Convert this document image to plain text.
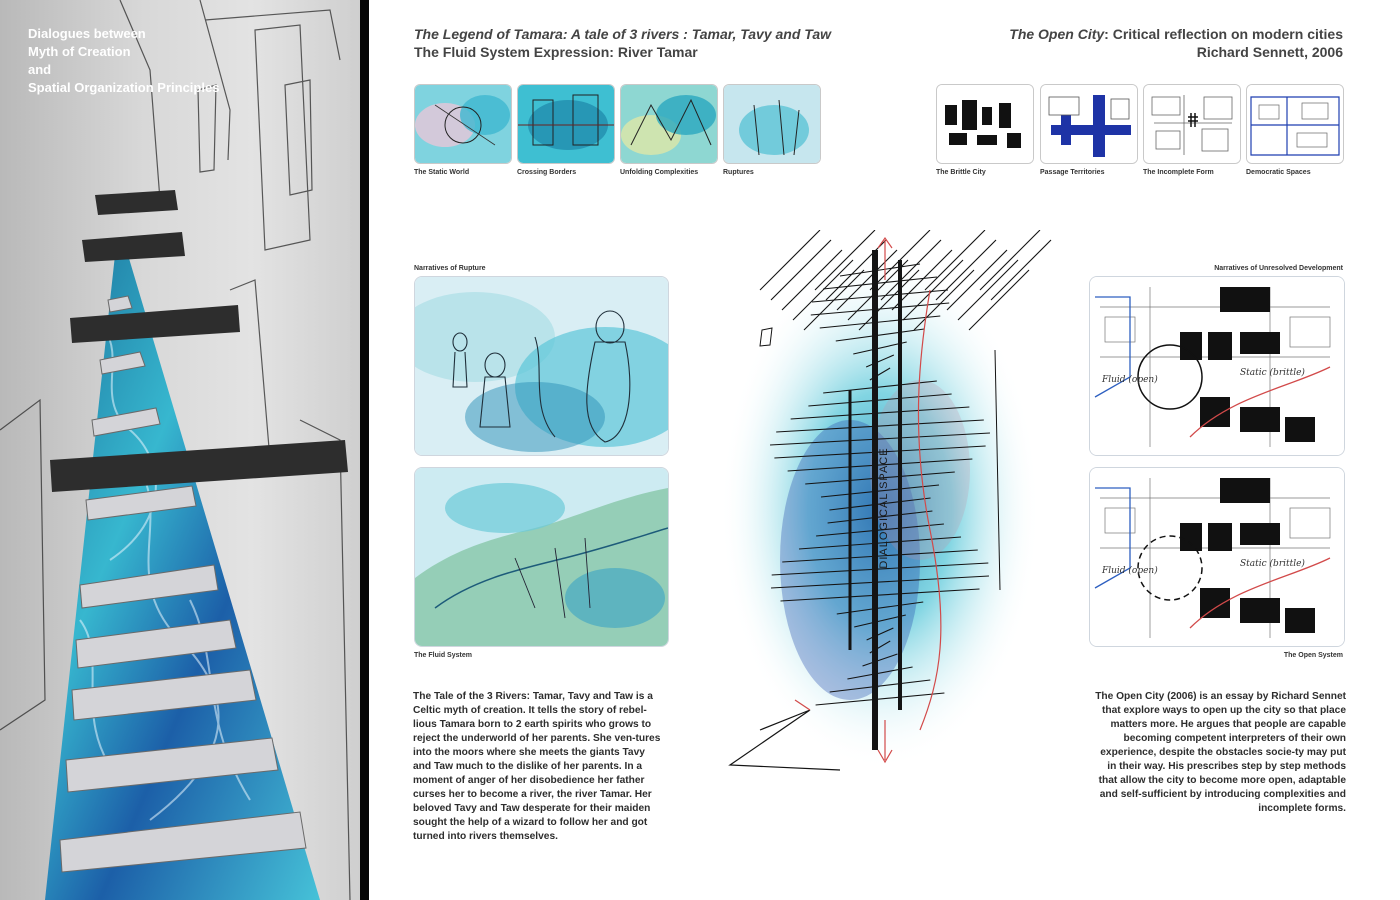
Dialogues between
Myth of Creation
and
Spatial Organization Principles
The Legend of Tamara: A tale of 3 rivers : Tamar, Tavy and Taw
The Fluid System Expression: River Tamar
The Open City: Critical reflection on modern cities
Richard Sennett, 2006
The Static World	Crossing Borders	Unfolding Complexities	Ruptures	The Brittle City	Passage Territories	The Incomplete Form	Democratic Spaces
Narratives of Rupture
The Fluid System
DIALOGICAL SPACE
Narratives of Unresolved Development
Fluid (open)
Static (brittle)
Fluid (open)
Static (brittle)
The Open System
The Tale of the 3 Rivers: Tamar, Tavy and Taw is a Celtic myth of creation. It tells the story of rebel-lious Tamara born to 2 earth spirits who grows to reject the underworld of her parents. She ven-tures into the moors where she meets the giants Tavy and Taw much to the dislike of her parents. In a moment of anger of her disobedience her father curses her to become a river, the river Tamar. Her beloved Tavy and Taw desperate for their maiden sought the help of a wizard to follow her and got turned into rivers themselves.
The Open City (2006) is an essay by Richard Sennet that explore ways to open up the city so that place matters more. He argues that people are capable becoming competent interpreters of their own experience, despite the obstacles socie-ty may put in their way. His prescribes step by step methods that allow the city to become more open, adaptable and self-sufficient by introducing complexities and incomplete forms.
